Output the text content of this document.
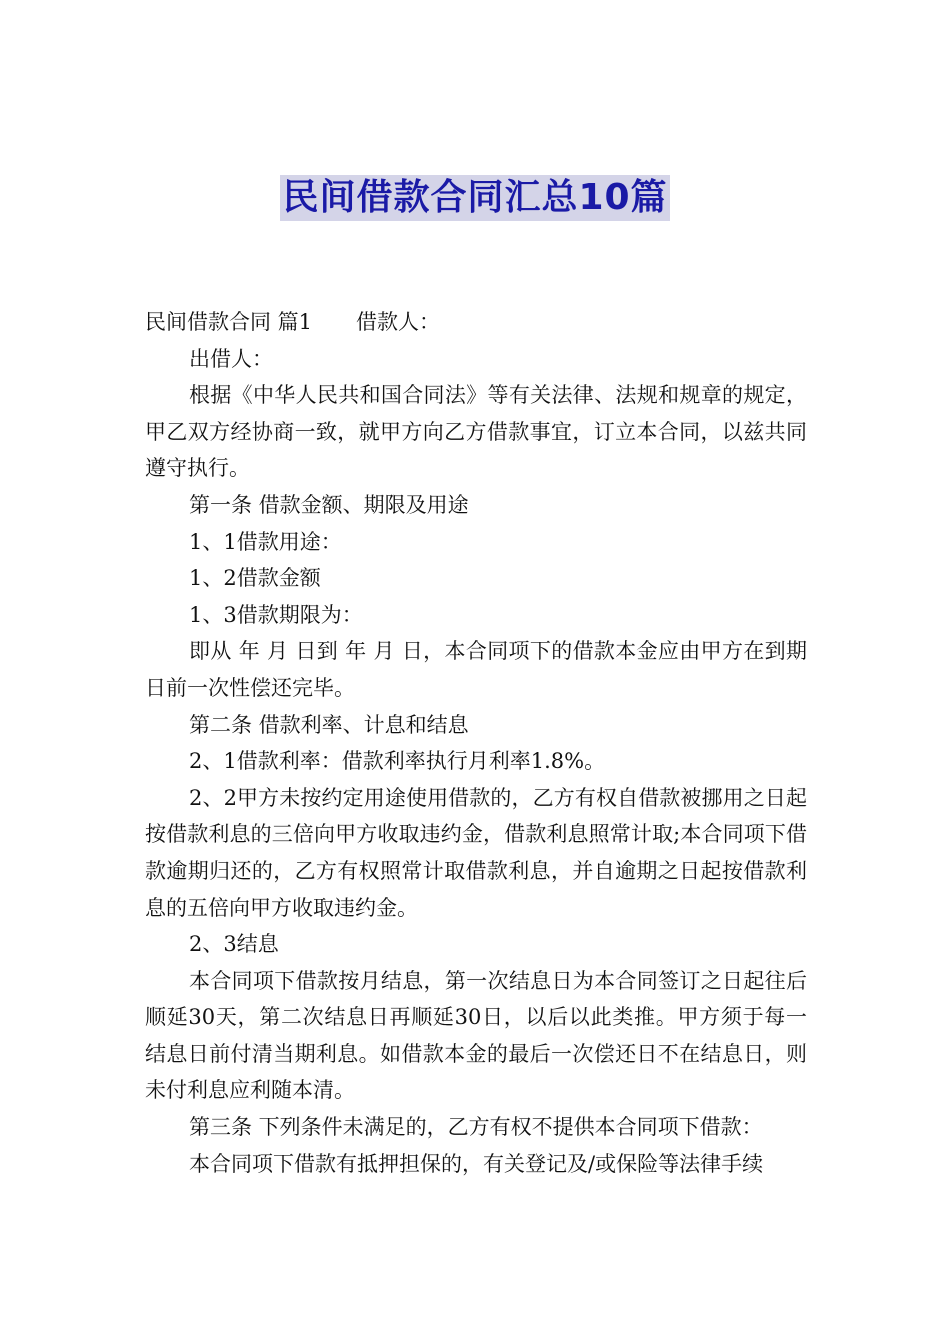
民间借款合同汇总10篇
民间借款合同 篇1 借款人：

出借人：

根据《中华人民共和国合同法》等有关法律、法规和规章的规定，甲乙双方经协商一致，就甲方向乙方借款事宜，订立本合同，以兹共同遵守执行。

第一条 借款金额、期限及用途

1、1借款用途：

1、2借款金额

1、3借款期限为：

即从 年 月 日到 年 月 日，本合同项下的借款本金应由甲方在到期日前一次性偿还完毕。

第二条 借款利率、计息和结息

2、1借款利率：借款利率执行月利率1.8%。

2、2甲方未按约定用途使用借款的，乙方有权自借款被挪用之日起按借款利息的三倍向甲方收取违约金，借款利息照常计取;本合同项下借款逾期归还的，乙方有权照常计取借款利息，并自逾期之日起按借款利息的五倍向甲方收取违约金。

2、3结息

本合同项下借款按月结息，第一次结息日为本合同签订之日起往后顺延30天，第二次结息日再顺延30日，以后以此类推。甲方须于每一结息日前付清当期利息。如借款本金的最后一次偿还日不在结息日，则未付利息应利随本清。

第三条 下列条件未满足的，乙方有权不提供本合同项下借款：

本合同项下借款有抵押担保的，有关登记及/或保险等法律手续
